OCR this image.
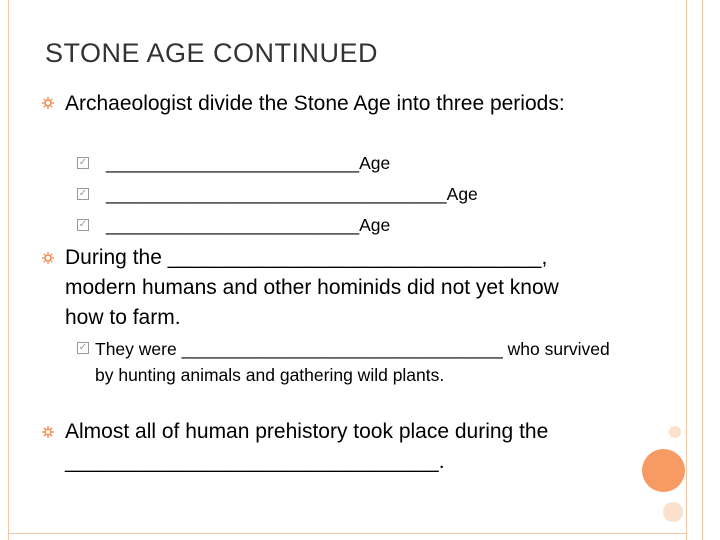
STONE AGE CONTINUED
Archaeologist divide the Stone Age into three periods:
✓ __________________________Age
✓ ___________________________________Age
✓ __________________________Age
During the ________________________________, modern humans and other hominids did not yet know how to farm.
✓ They were _________________________________ who survived by hunting animals and gathering wild plants.
Almost all of human prehistory took place during the
________________________________.
